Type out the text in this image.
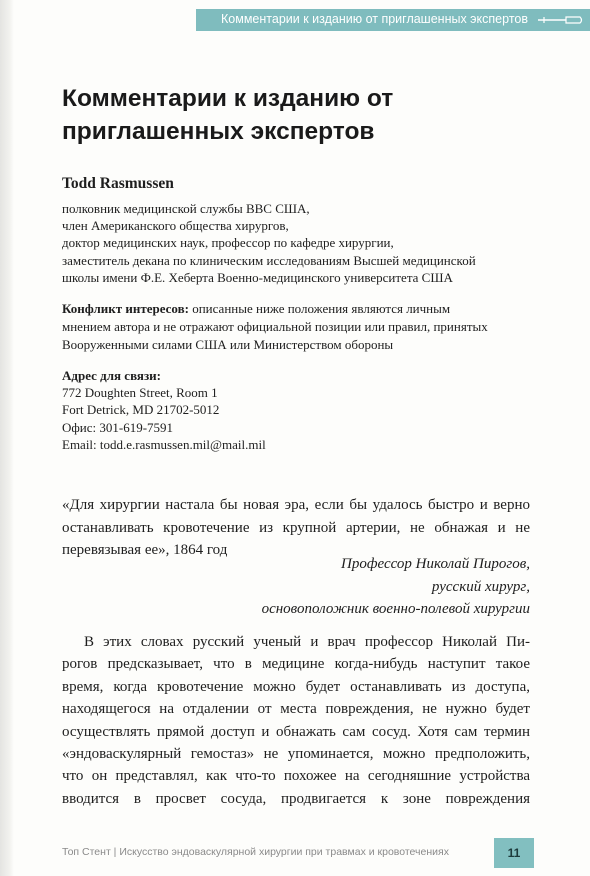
Комментарии к изданию от приглашенных экспертов
Комментарии к изданию от
приглашенных экспертов
Todd Rasmussen
полковник медицинской службы ВВС США,
член Американского общества хирургов,
доктор медицинских наук, профессор по кафедре хирургии,
заместитель декана по клиническим исследованиям Высшей медицинской
школы имени Ф.Е. Хеберта Военно-медицинского университета США
Конфликт интересов: описанные ниже положения являются личным
мнением автора и не отражают официальной позиции или правил, принятых
Вооруженными силами США или Министерством обороны
Адрес для связи:
772 Doughten Street, Room 1
Fort Detrick, MD 21702-5012
Офис: 301-619-7591
Email: todd.e.rasmussen.mil@mail.mil
«Для хирургии настала бы новая эра, если бы удалось быстро и верно
останавливать кровотечение из крупной артерии, не обнажая и не
перевязывая ее», 1864 год
Профессор Николай Пирогов,
русский хирург,
основоположник военно-полевой хирургии
В этих словах русский ученый и врач профессор Николай Пи-
рогов предсказывает, что в медицине когда-нибудь наступит такое
время, когда кровотечение можно будет останавливать из доступа,
находящегося на отдалении от места повреждения, не нужно будет
осуществлять прямой доступ и обнажать сам сосуд. Хотя сам термин
«эндоваскулярный гемостаз» не упоминается, можно предположить,
что он представлял, как что-то похожее на сегодняшние устройства
вводится в просвет сосуда, продвигается к зоне повреждения
Топ Стент | Искусство эндоваскулярной хирургии при травмах и кровотечениях	11
